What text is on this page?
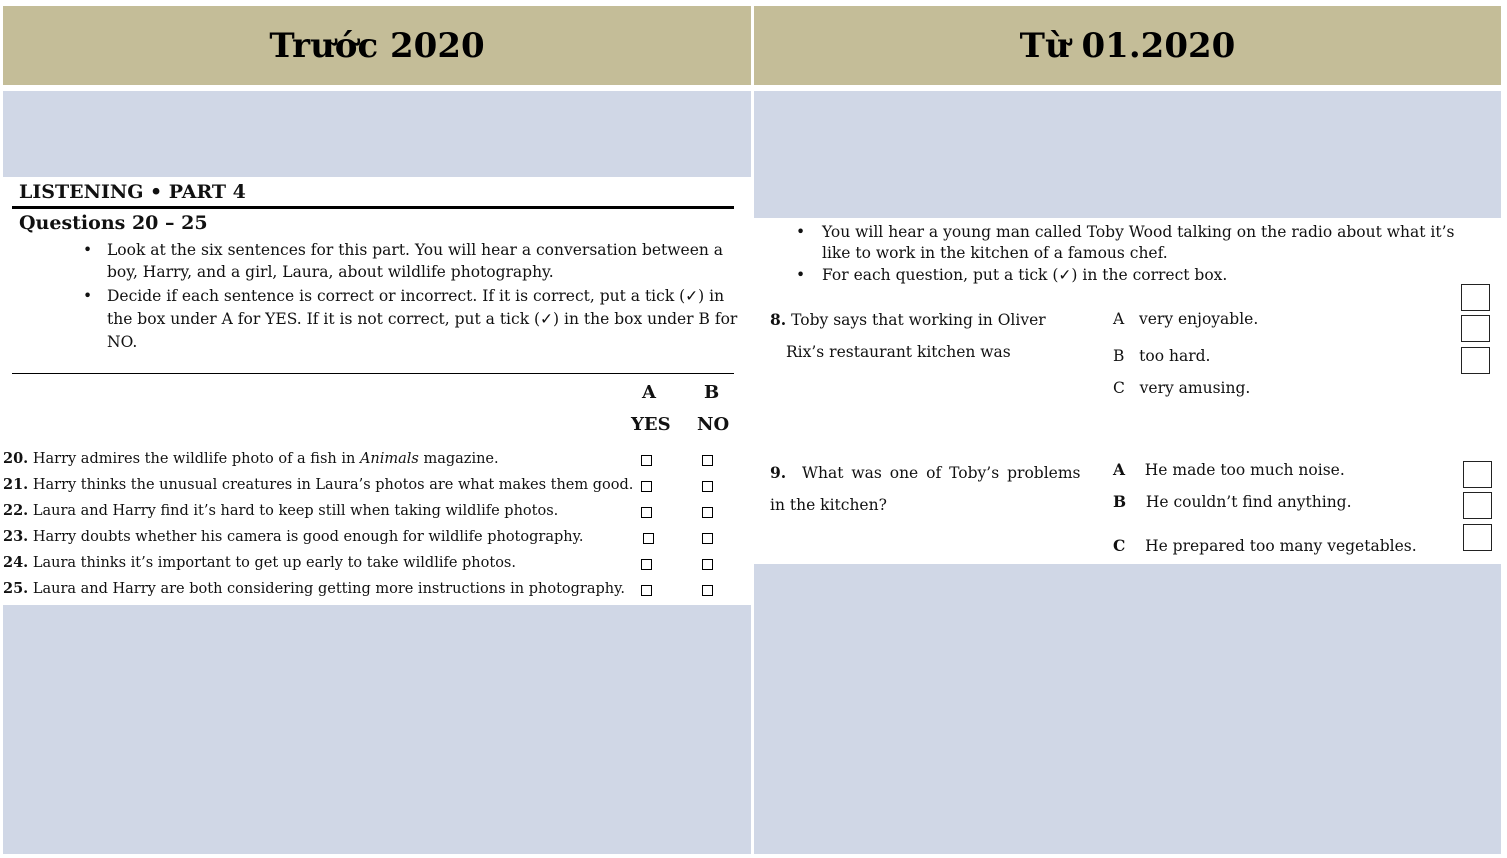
Trước 2020
LISTENING • PART 4
Questions 20 – 25
• Look at the six sentences for this part. You will hear a conversation between a boy, Harry, and a girl, Laura, about wildlife photography.
• Decide if each sentence is correct or incorrect. If it is correct, put a tick (✓) in the box under A for YES. If it is not correct, put a tick (✓) in the box under B for NO.
A	B
YES NO
20. Harry admires the wildlife photo of a fish in Animals magazine.
21. Harry thinks the unusual creatures in Laura’s photos are what makes them good.
22. Laura and Harry find it’s hard to keep still when taking wildlife photos.
23. Harry doubts whether his camera is good enough for wildlife photography.
24. Laura thinks it’s important to get up early to take wildlife photos.
25. Laura and Harry are both considering getting more instructions in photography.
Từ 01.2020
• You will hear a young man called Toby Wood talking on the radio about what it’s like to work in the kitchen of a famous chef.
• For each question, put a tick (✓) in the correct box.
8. Toby says that working in Oliver
Rix’s restaurant kitchen was
A very enjoyable.
B too hard.
C very amusing.
9. What was one of Toby’s problems
in the kitchen?
A He made too much noise.
B He couldn’t find anything.
C He prepared too many vegetables.
